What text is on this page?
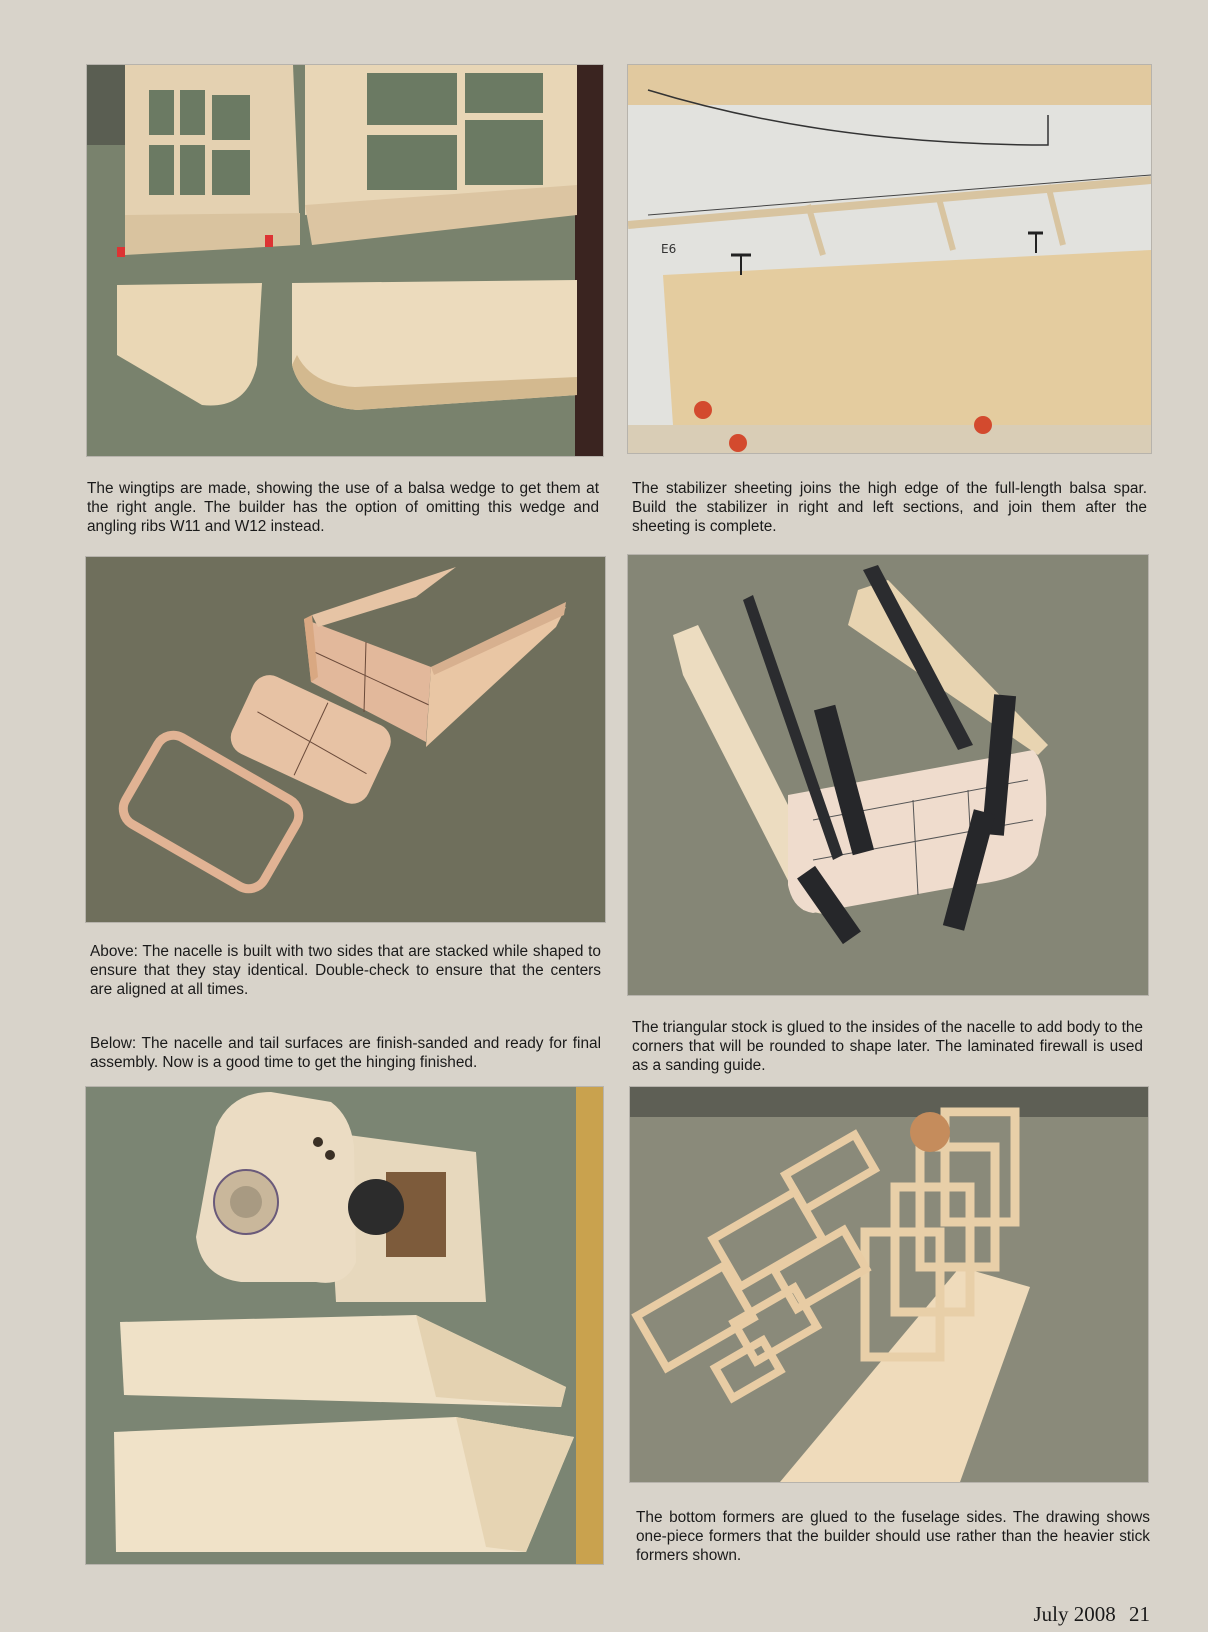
E6

The wingtips are made, showing the use of a balsa wedge to get them at the right angle. The builder has the option of omitting this wedge and angling ribs W11 and W12 instead.

The stabilizer sheeting joins the high edge of the full-length balsa spar. Build the stabilizer in right and left sections, and join them after the sheeting is complete.

Above: The nacelle is built with two sides that are stacked while shaped to ensure that they stay identical. Double-check to ensure that the centers are aligned at all times.

Below: The nacelle and tail surfaces are finish-sanded and ready for final assembly. Now is a good time to get the hinging finished.

The triangular stock is glued to the insides of the nacelle to add body to the corners that will be rounded to shape later. The laminated firewall is used as a sanding guide.

The bottom formers are glued to the fuselage sides. The drawing shows one-piece formers that the builder should use rather than the heavier stick formers shown.

July 2008 21
